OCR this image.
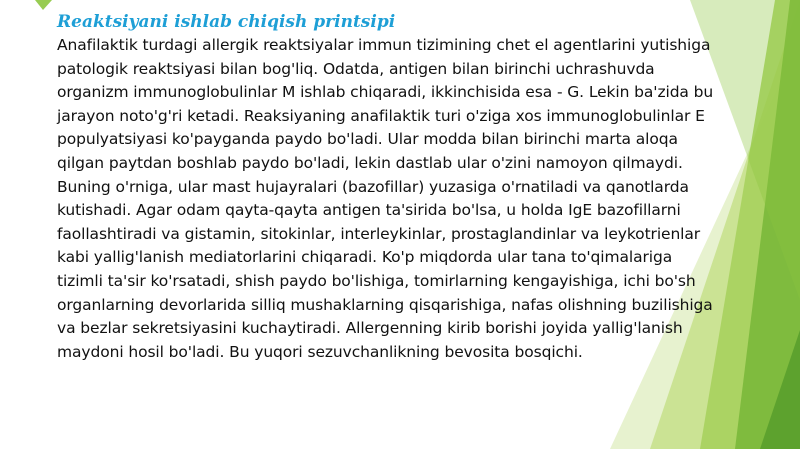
Reaktsiyani ishlab chiqish printsipi

Anafilaktik turdagi allergik reaktsiyalar immun tizimining chet el agentlarini yutishiga patologik reaktsiyasi bilan bog'liq. Odatda, antigen bilan birinchi uchrashuvda organizm immunoglobulinlar M ishlab chiqaradi, ikkinchisida esa - G. Lekin ba'zida bu jarayon noto'g'ri ketadi. Reaksiyaning anafilaktik turi o'ziga xos immunoglobulinlar E populyatsiyasi ko'payganda paydo bo'ladi. Ular modda bilan birinchi marta aloqa qilgan paytdan boshlab paydo bo'ladi, lekin dastlab ular o'zini namoyon qilmaydi. Buning o'rniga, ular mast hujayralari (bazofillar) yuzasiga o'rnatiladi va qanotlarda kutishadi. Agar odam qayta-qayta antigen ta'sirida bo'lsa, u holda IgE bazofillarni faollashtiradi va gistamin, sitokinlar, interleykinlar, prostaglandinlar va leykotrienlar kabi yallig'lanish mediatorlarini chiqaradi. Ko'p miqdorda ular tana to'qimalariga tizimli ta'sir ko'rsatadi, shish paydo bo'lishiga, tomirlarning kengayishiga, ichi bo'sh organlarning devorlarida silliq mushaklarning qisqarishiga, nafas olishning buzilishiga va bezlar sekretsiyasini kuchaytiradi. Allergenning kirib borishi joyida yallig'lanish maydoni hosil bo'ladi. Bu yuqori sezuvchanlikning bevosita bosqichi.
